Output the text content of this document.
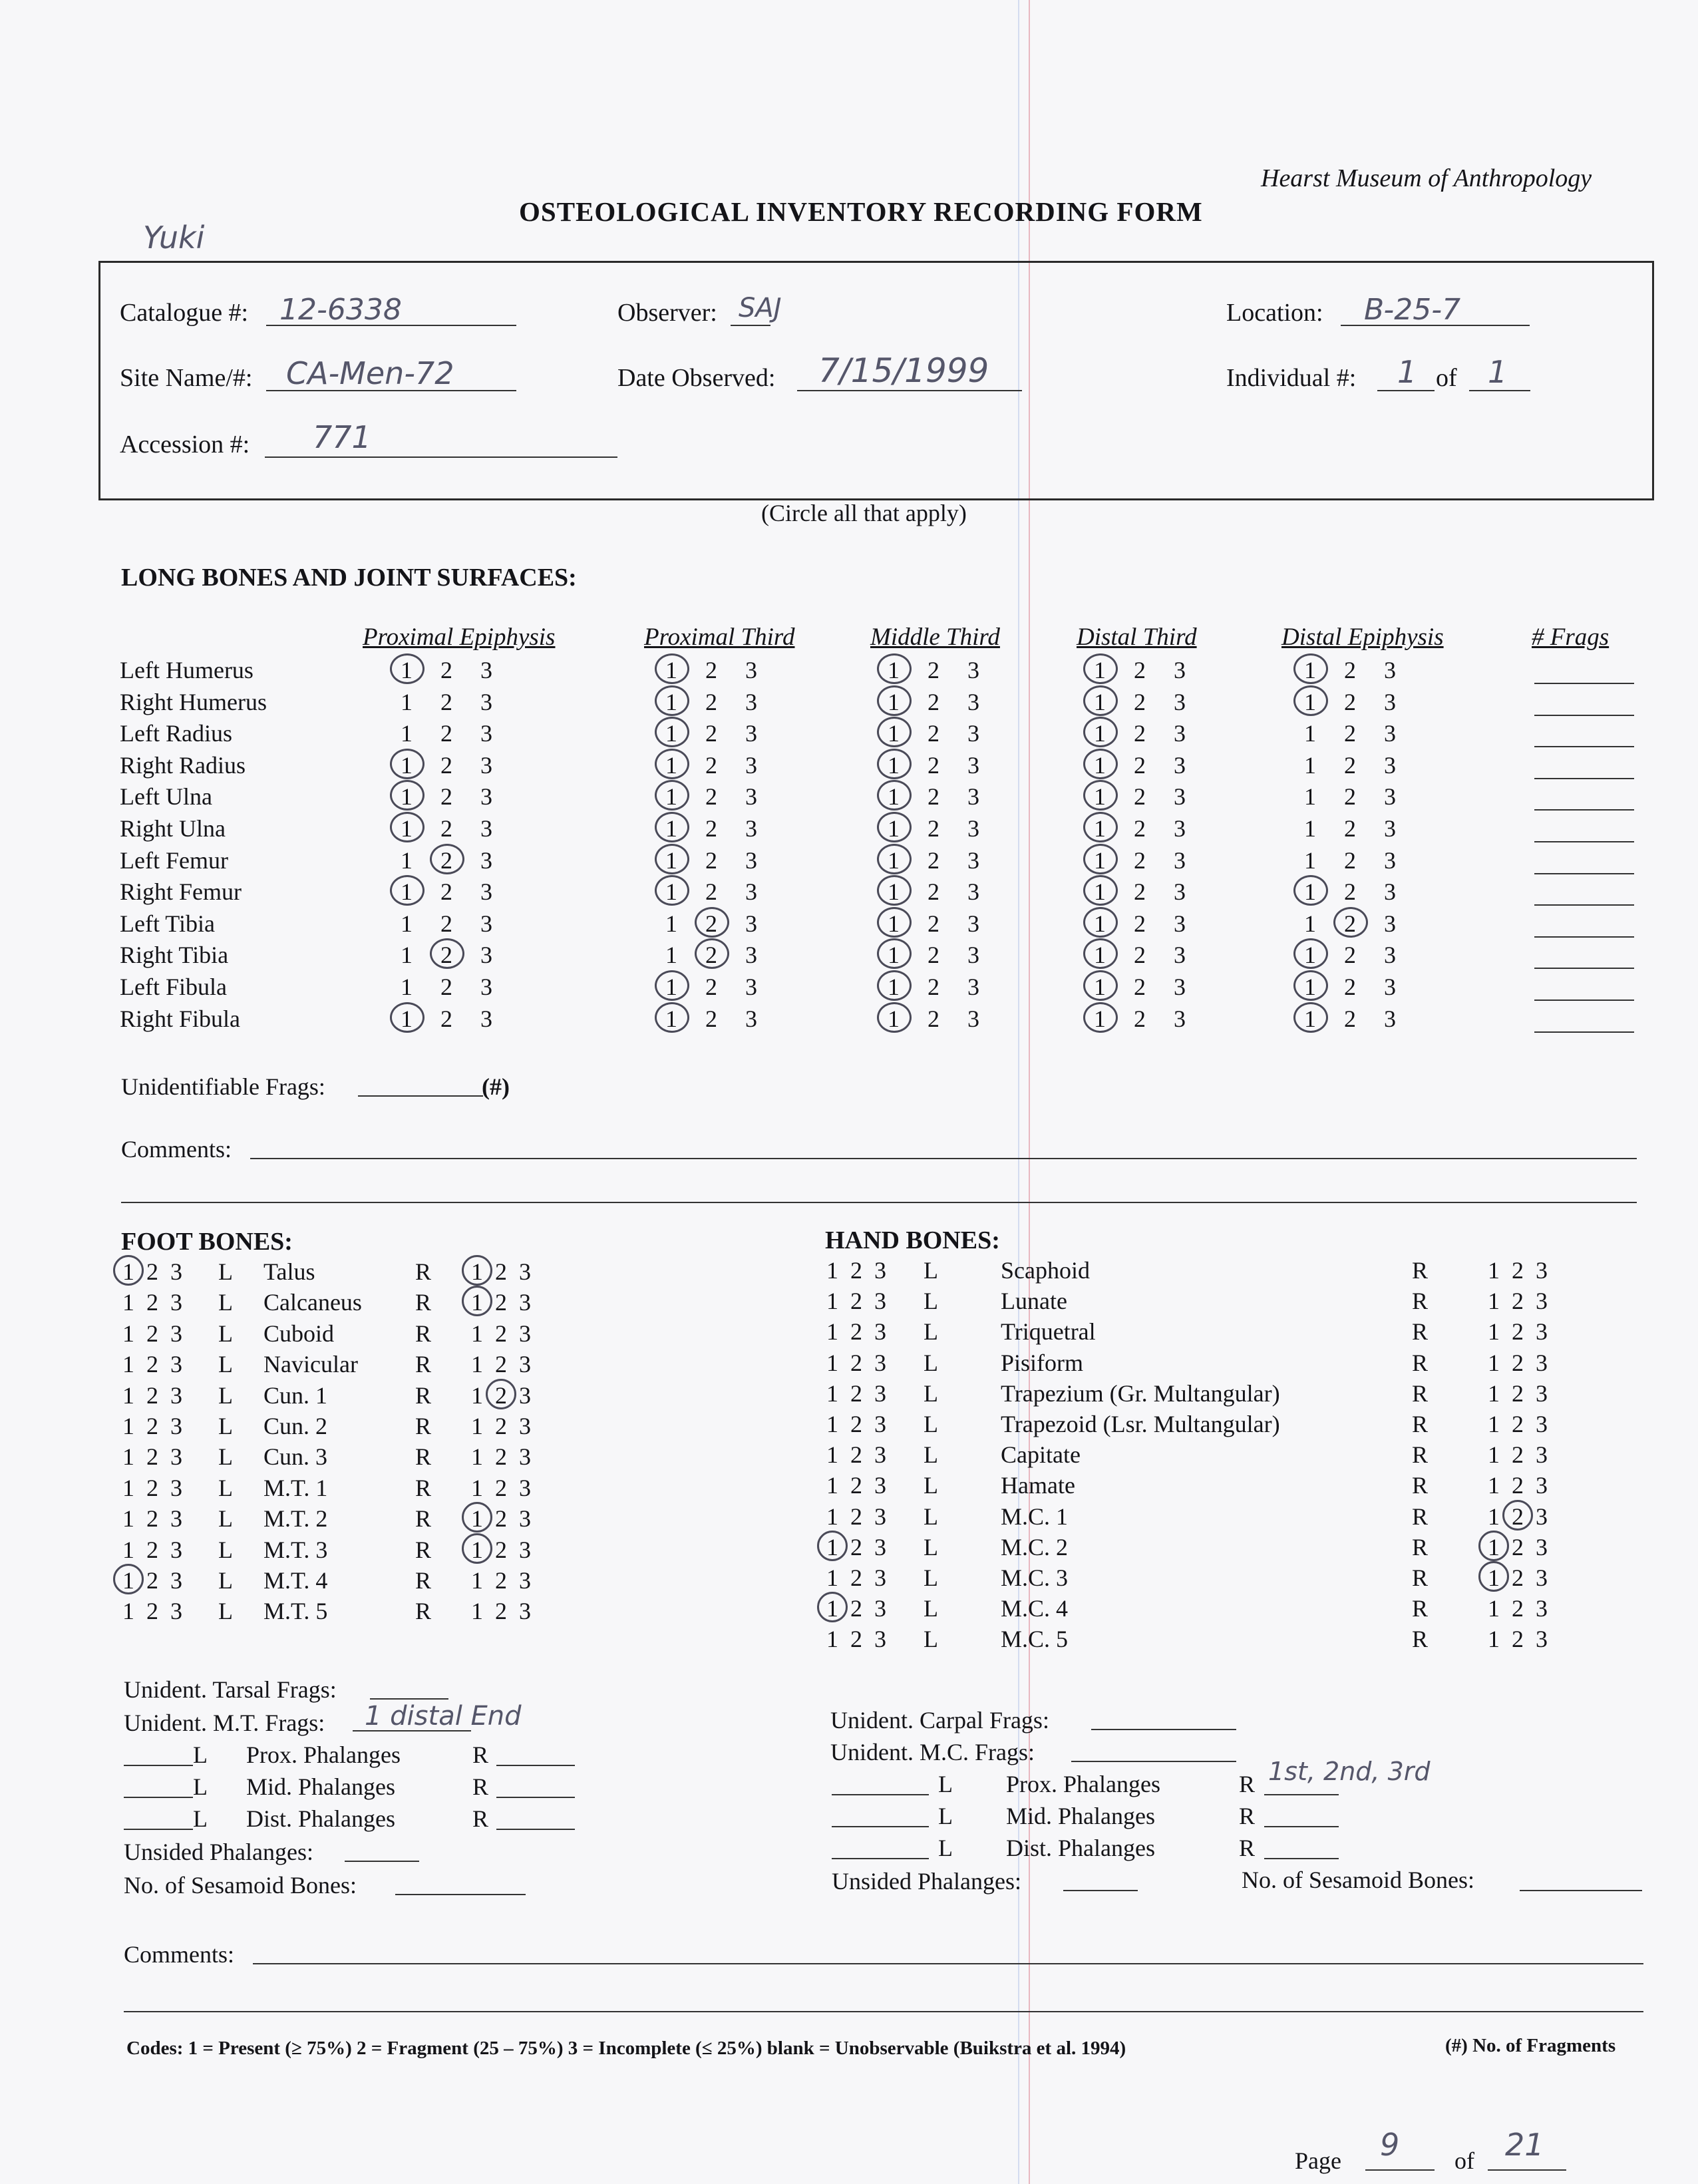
Hearst Museum of Anthropology
OSTEOLOGICAL INVENTORY RECORDING FORM
Yuki
Catalogue #: 12-6338	Observer: SAJ	Location: B-25-7
Site Name/#: CA-Men-72	Date Observed: 7/15/1999	Individual #: 1 of 1
Accession #: 771
(Circle all that apply)
LONG BONES AND JOINT SURFACES:
Proximal Epiphysis	Proximal Third	Middle Third	Distal Third	Distal Epiphysis	# Frags
Left Humerus	1 2 3	1 2 3	1 2 3	1 2 3	1 2 3
Right Humerus	1 2 3	1 2 3	1 2 3	1 2 3	1 2 3
Left Radius	1 2 3	1 2 3	1 2 3	1 2 3	1 2 3
Right Radius	1 2 3	1 2 3	1 2 3	1 2 3	1 2 3
Left Ulna	1 2 3	1 2 3	1 2 3	1 2 3	1 2 3
Right Ulna	1 2 3	1 2 3	1 2 3	1 2 3	1 2 3
Left Femur	1 2 3	1 2 3	1 2 3	1 2 3	1 2 3
Right Femur	1 2 3	1 2 3	1 2 3	1 2 3	1 2 3
Left Tibia	1 2 3	1 2 3	1 2 3	1 2 3	1 2 3
Right Tibia	1 2 3	1 2 3	1 2 3	1 2 3	1 2 3
Left Fibula	1 2 3	1 2 3	1 2 3	1 2 3	1 2 3
Right Fibula	1 2 3	1 2 3	1 2 3	1 2 3	1 2 3
Unidentifiable Frags:	(#)
Comments:
FOOT BONES:	HAND BONES:
1 2 3 L Talus	R 1 2 3
1 2 3 L Calcaneus R 1 2 3
1 2 3 L Cuboid	R 1 2 3
1 2 3 L Navicular R 1 2 3
1 2 3 L Cun. 1	R 1 2 3
1 2 3 L Cun. 2	R 1 2 3
1 2 3 L Cun. 3	R 1 2 3
1 2 3 L M.T. 1	R 1 2 3
1 2 3 L M.T. 2	R 1 2 3
1 2 3 L M.T. 3	R 1 2 3
1 2 3 L M.T. 4	R 1 2 3
1 2 3 L M.T. 5	R 1 2 3
1 2 3 L	Scaphoid	R 1 2 3
1 2 3 L	Lunate	R 1 2 3
1 2 3 L	Triquetral	R 1 2 3
1 2 3 L	Pisiform	R 1 2 3
1 2 3 L	Trapezium (Gr. Multangular)	R 1 2 3
1 2 3 L	Trapezoid (Lsr. Multangular)	R 1 2 3
1 2 3 L	Capitate	R 1 2 3
1 2 3 L	Hamate	R 1 2 3
1 2 3 L	M.C. 1	R 1 2 3
1 2 3 L	M.C. 2	R 1 2 3
1 2 3 L	M.C. 3	R 1 2 3
1 2 3 L	M.C. 4	R 1 2 3
1 2 3 L	M.C. 5	R 1 2 3
Unident. Tarsal Frags:
Unident. M.T. Frags: 1 distal End
L Prox. Phalanges	R
L Mid. Phalanges	R
L Dist. Phalanges	R
Unsided Phalanges:
No. of Sesamoid Bones:
Unident. Carpal Frags:
Unident. M.C. Frags:
L Prox. Phalanges	R 1st, 2nd, 3rd
L Mid. Phalanges	R
L Dist. Phalanges	R
Unsided Phalanges:	No. of Sesamoid Bones:
Comments:
Codes: 1 = Present (≥ 75%) 2 = Fragment (25 – 75%) 3 = Incomplete (≤ 25%) blank = Unobservable (Buikstra et al. 1994)	(#) No. of Fragments
Page 9 of 21
